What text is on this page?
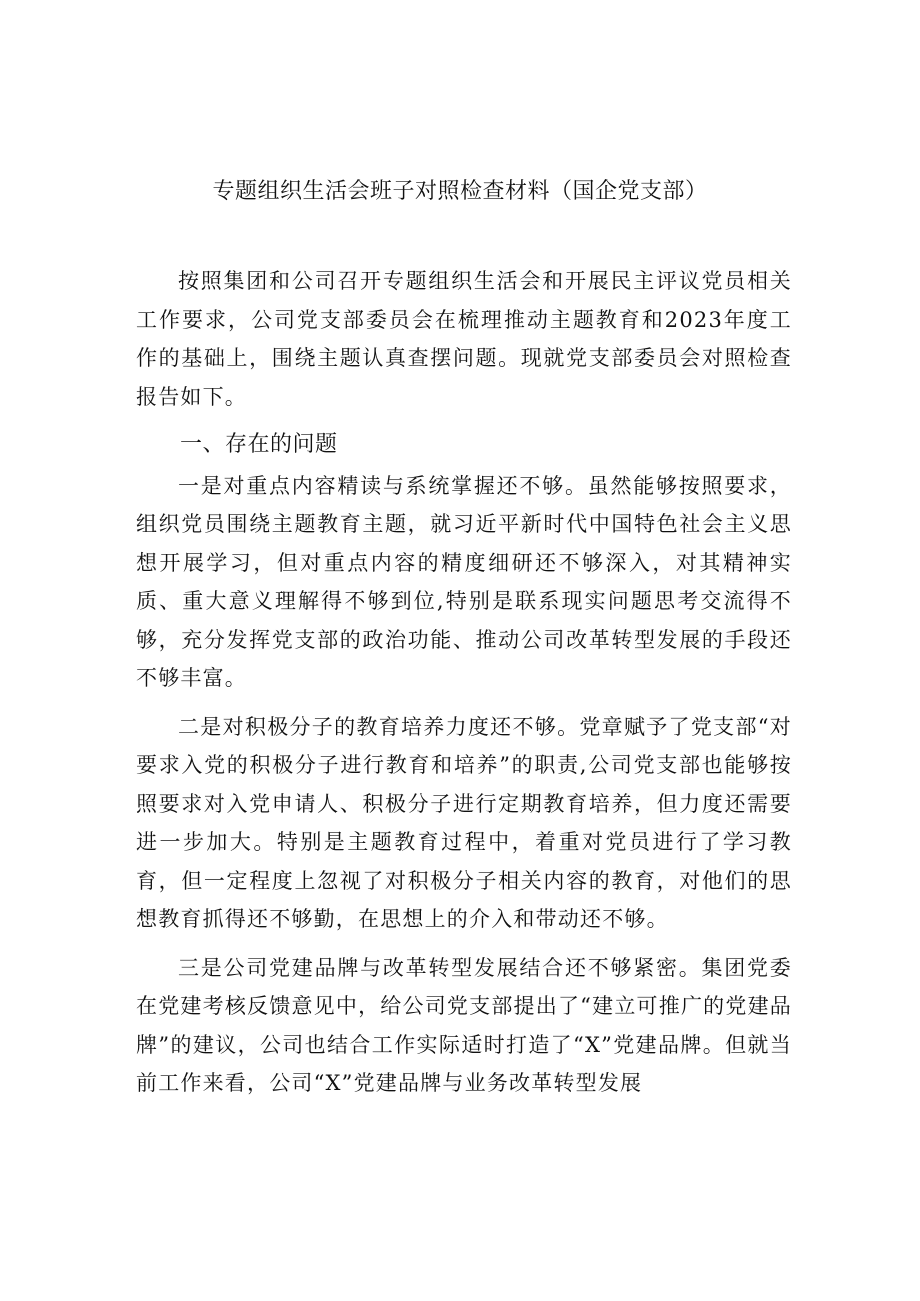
专题组织生活会班子对照检查材料（国企党支部）

按照集团和公司召开专题组织生活会和开展民主评议党员相关工作要求，公司党支部委员会在梳理推动主题教育和2023年度工作的基础上，围绕主题认真查摆问题。现就党支部委员会对照检查报告如下。

一、存在的问题

一是对重点内容精读与系统掌握还不够。虽然能够按照要求，组织党员围绕主题教育主题，就习近平新时代中国特色社会主义思想开展学习，但对重点内容的精度细研还不够深入，对其精神实质、重大意义理解得不够到位,特别是联系现实问题思考交流得不够，充分发挥党支部的政治功能、推动公司改革转型发展的手段还不够丰富。

二是对积极分子的教育培养力度还不够。党章赋予了党支部“对要求入党的积极分子进行教育和培养”的职责,公司党支部也能够按照要求对入党申请人、积极分子进行定期教育培养，但力度还需要进一步加大。特别是主题教育过程中，着重对党员进行了学习教育，但一定程度上忽视了对积极分子相关内容的教育，对他们的思想教育抓得还不够勤，在思想上的介入和带动还不够。

三是公司党建品牌与改革转型发展结合还不够紧密。集团党委在党建考核反馈意见中，给公司党支部提出了“建立可推广的党建品牌”的建议，公司也结合工作实际适时打造了“X”党建品牌。但就当前工作来看，公司“X”党建品牌与业务改革转型发展
